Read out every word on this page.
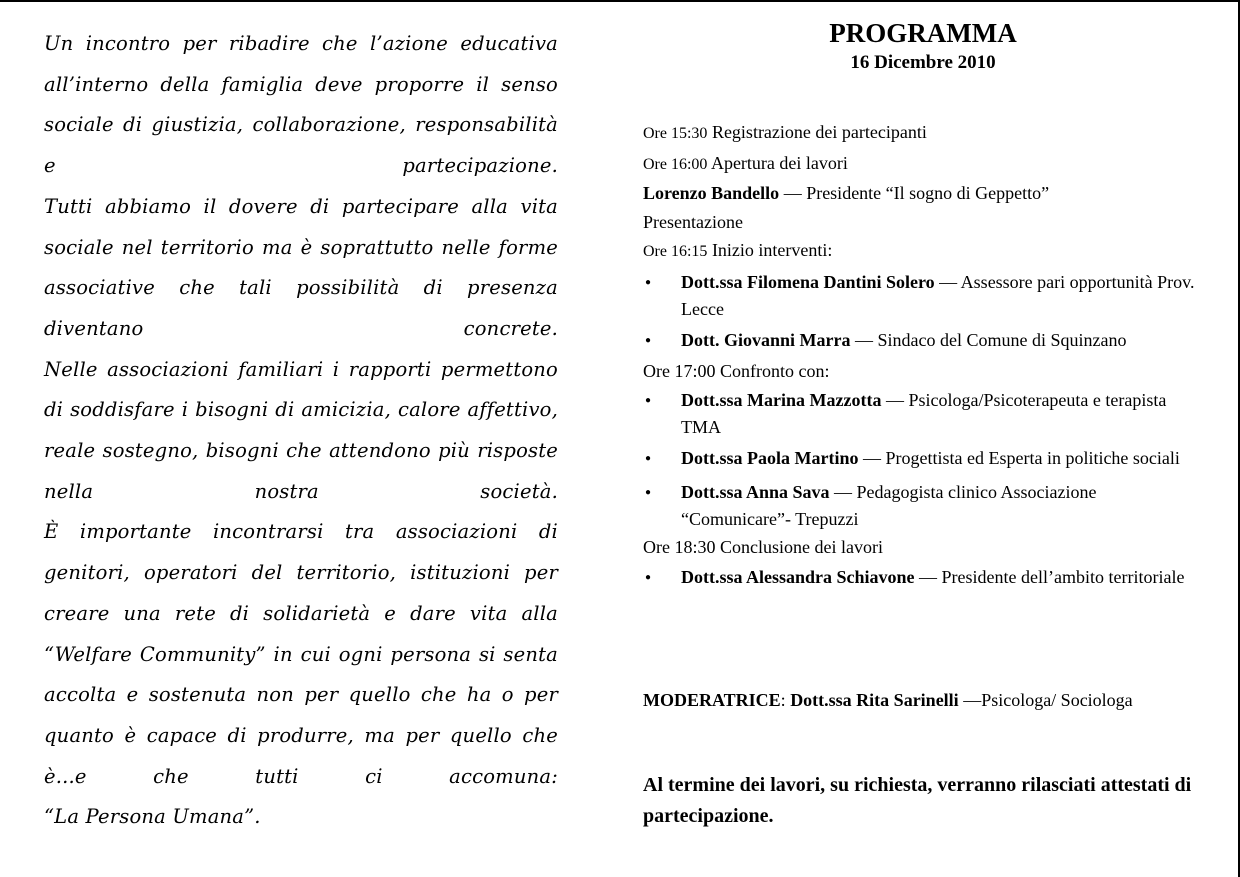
Un incontro per ribadire che l’azione educativa all’interno della famiglia deve proporre il senso sociale di giustizia, collaborazione, responsabilità e partecipazione.

Tutti abbiamo il dovere di partecipare alla vita sociale nel territorio ma è soprattutto nelle forme associative che tali possibilità di presenza diventano concrete.

Nelle associazioni familiari i rapporti permettono di soddisfare i bisogni di amicizia, calore affettivo, reale sostegno, bisogni che attendono più risposte nella nostra società.

È importante incontrarsi tra associazioni di genitori, operatori del territorio, istituzioni per creare una rete di solidarietà e dare vita alla “Welfare Community” in cui ogni persona si senta accolta e sostenuta non per quello che ha o per quanto è capace di produrre, ma per quello che è...e che tutti ci accomuna:

“La Persona Umana”.

PROGRAMMA

16 Dicembre 2010

Ore 15:30 Registrazione dei partecipanti
Ore 16:00 Apertura dei lavori
Lorenzo Bandello — Presidente “Il sogno di Geppetto”
Presentazione
Ore 16:15 Inizio interventi:
●
Dott.ssa Filomena Dantini Solero — Assessore pari opportunità Prov. Lecce
●
Dott. Giovanni Marra — Sindaco del Comune di Squinzano
Ore 17:00 Confronto con:
●
Dott.ssa Marina Mazzotta — Psicologa/Psicoterapeuta e terapista TMA
●
Dott.ssa Paola Martino — Progettista ed Esperta in politiche sociali
●
Dott.ssa Anna Sava — Pedagogista clinico Associazione “Comunicare”- Trepuzzi
Ore 18:30 Conclusione dei lavori
●
Dott.ssa Alessandra Schiavone — Presidente dell’ambito territoriale
MODERATRICE: Dott.ssa Rita Sarinelli —Psicologa/ Sociologa
Al termine dei lavori, su richiesta, verranno rilasciati attestati di partecipazione.
